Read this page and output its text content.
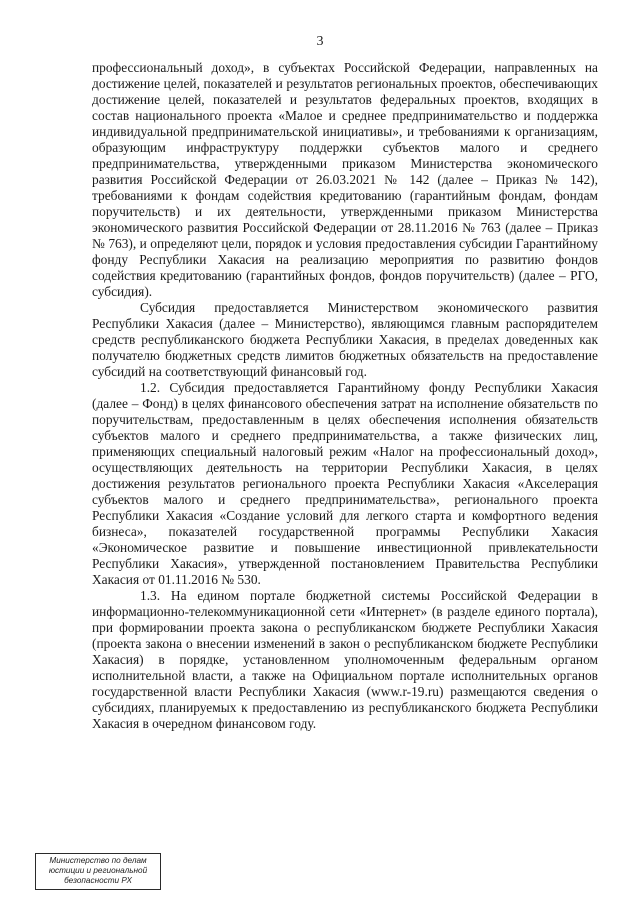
3

профессиональный доход», в субъектах Российской Федерации, направленных на достижение целей, показателей и результатов региональных проектов, обеспечивающих достижение целей, показателей и результатов федеральных проектов, входящих в состав национального проекта «Малое и среднее предпринимательство и поддержка индивидуальной предпринимательской инициативы», и требованиями к организациям, образующим инфраструктуру поддержки субъектов малого и среднего предпринимательства, утвержденными приказом Министерства экономического развития Российской Федерации от 26.03.2021 № 142 (далее – Приказ № 142), требованиями к фондам содействия кредитованию (гарантийным фондам, фондам поручительств) и их деятельности, утвержденными приказом Министерства экономического развития Российской Федерации от 28.11.2016 № 763 (далее – Приказ № 763), и определяют цели, порядок и условия предоставления субсидии Гарантийному фонду Республики Хакасия на реализацию мероприятия по развитию фондов содействия кредитованию (гарантийных фондов, фондов поручительств) (далее – РГО, субсидия).

Субсидия предоставляется Министерством экономического развития Республики Хакасия (далее – Министерство), являющимся главным распорядителем средств республиканского бюджета Республики Хакасия, в пределах доведенных как получателю бюджетных средств лимитов бюджетных обязательств на предоставление субсидий на соответствующий финансовый год.

1.2. Субсидия предоставляется Гарантийному фонду Республики Хакасия (далее – Фонд) в целях финансового обеспечения затрат на исполнение обязательств по поручительствам, предоставленным в целях обеспечения исполнения обязательств субъектов малого и среднего предпринимательства, а также физических лиц, применяющих специальный налоговый режим «Налог на профессиональный доход», осуществляющих деятельность на территории Республики Хакасия, в целях достижения результатов регионального проекта Республики Хакасия «Акселерация субъектов малого и среднего предпринимательства», регионального проекта Республики Хакасия «Создание условий для легкого старта и комфортного ведения бизнеса», показателей государственной программы Республики Хакасия «Экономическое развитие и повышение инвестиционной привлекательности Республики Хакасия», утвержденной постановлением Правительства Республики Хакасия от 01.11.2016 № 530.

1.3. На едином портале бюджетной системы Российской Федерации в информационно-телекоммуникационной сети «Интернет» (в разделе единого портала), при формировании проекта закона о республиканском бюджете Республики Хакасия (проекта закона о внесении изменений в закон о республиканском бюджете Республики Хакасия) в порядке, установленном уполномоченным федеральным органом исполнительной власти, а также на Официальном портале исполнительных органов государственной власти Республики Хакасия (www.r-19.ru) размещаются сведения о субсидиях, планируемых к предоставлению из республиканского бюджета Республики Хакасия в очередном финансовом году.

Министерство по делам
юстиции и региональной
безопасности РХ
